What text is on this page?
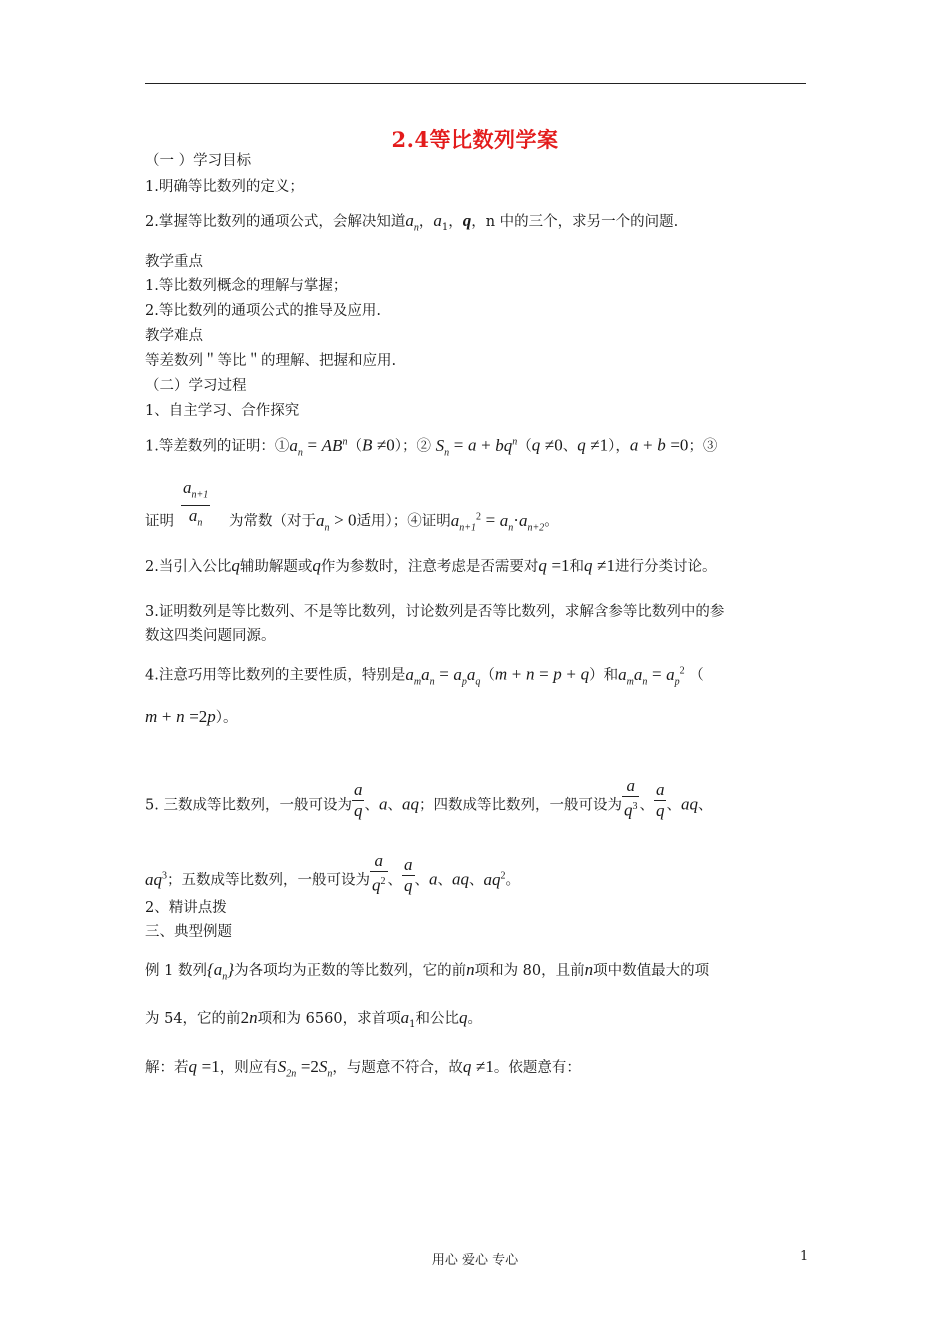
2.4等比数列学案
（一 ）学习目标
1.明确等比数列的定义；
2.掌握等比数列的通项公式，会解决知道$a_n$，$a_1$，q，n 中的三个，求另一个的问题.
教学重点
1.等比数列概念的理解与掌握；
2.等比数列的通项公式的推导及应用.
教学难点
等差数列＂等比＂的理解、把握和应用.
（二）学习过程
1、自主学习、合作探究
1.等差数列的证明：$①a_n = AB^n(B \ne 0)$；② $S_n = a + bq^n(q \ne 0$、q ≠1），a + b =0；③
$\frac{a_{n+1}}{a_n}$
证明	为常数（对于$a_n > 0$适用）；④证明$a_{n+1}^2 = a_n\cdot a_{n+2}$。
2.当引入公比q辅助解题或q作为参数时，注意考虑是否需要对q =1和q ≠1进行分类讨论。
3.证明数列是等比数列、不是等比数列，讨论数列是否等比数列，求解含参等比数列中的参
数这四类问题同源。
4.注意巧用等比数列的主要性质，特别是$a_ma_n = a_pa_q(m + n = p + q)$和$a_ma_n = a_p^2$ （
m + n =2p）。
5. 三数成等比数列，一般可设为 $\frac{a}{q}$ 、a、aq；四数成等比数列，一般可设为 $\frac{a}{q^3}$ 、 $\frac{a}{q}$ 、aq、
$aq^3$；五数成等比数列，一般可设为 $\frac{a}{q^2}$ 、 $\frac{a}{q}$ 、a、aq、$aq^2$。
2、精讲点拨
三、典型例题
例 1 数列$\{a_n\}$为各项均为正数的等比数列，它的前n项和为 80，且前n项中数值最大的项
为 54，它的前2n项和为 6560，求首项$a_1$和公比q。
解：若q =1，则应有$S_{2n} =2S_n$，与题意不符合，故q ≠1。依题意有：
用心 爱心 专心	1
